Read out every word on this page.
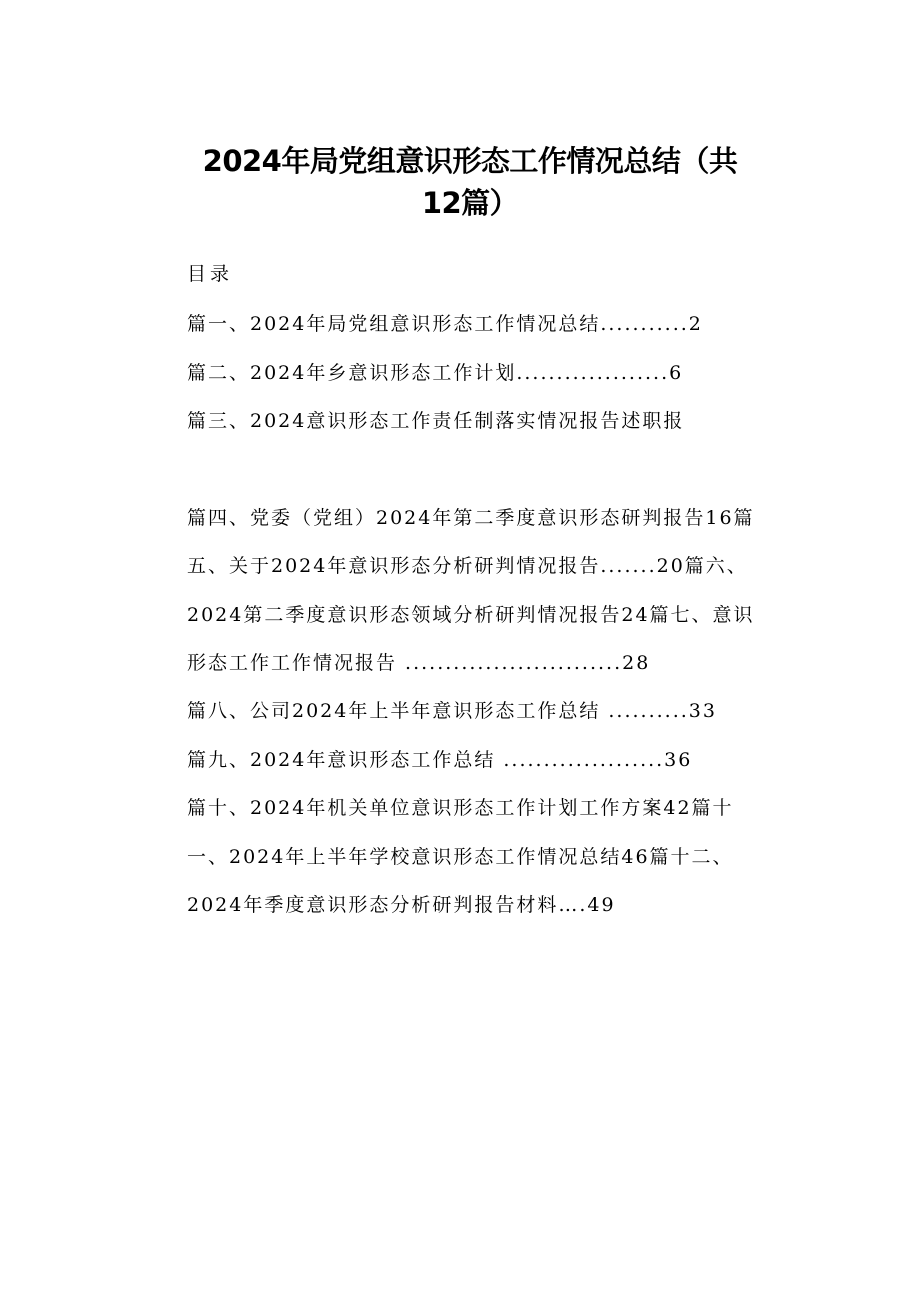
2024年局党组意识形态工作情况总结（共
12篇）
目录
篇一、2024年局党组意识形态工作情况总结...........2
篇二、2024年乡意识形态工作计划...................6
篇三、2024意识形态工作责任制落实情况报告述职报
篇四、党委（党组）2024年第二季度意识形态研判报告16篇
五、关于2024年意识形态分析研判情况报告.......20篇六、
2024第二季度意识形态领域分析研判情况报告24篇七、意识
形态工作工作情况报告 ...........................28
篇八、公司2024年上半年意识形态工作总结 ..........33
篇九、2024年意识形态工作总结 ....................36
篇十、2024年机关单位意识形态工作计划工作方案42篇十
一、2024年上半年学校意识形态工作情况总结46篇十二、
2024年季度意识形态分析研判报告材料….49
